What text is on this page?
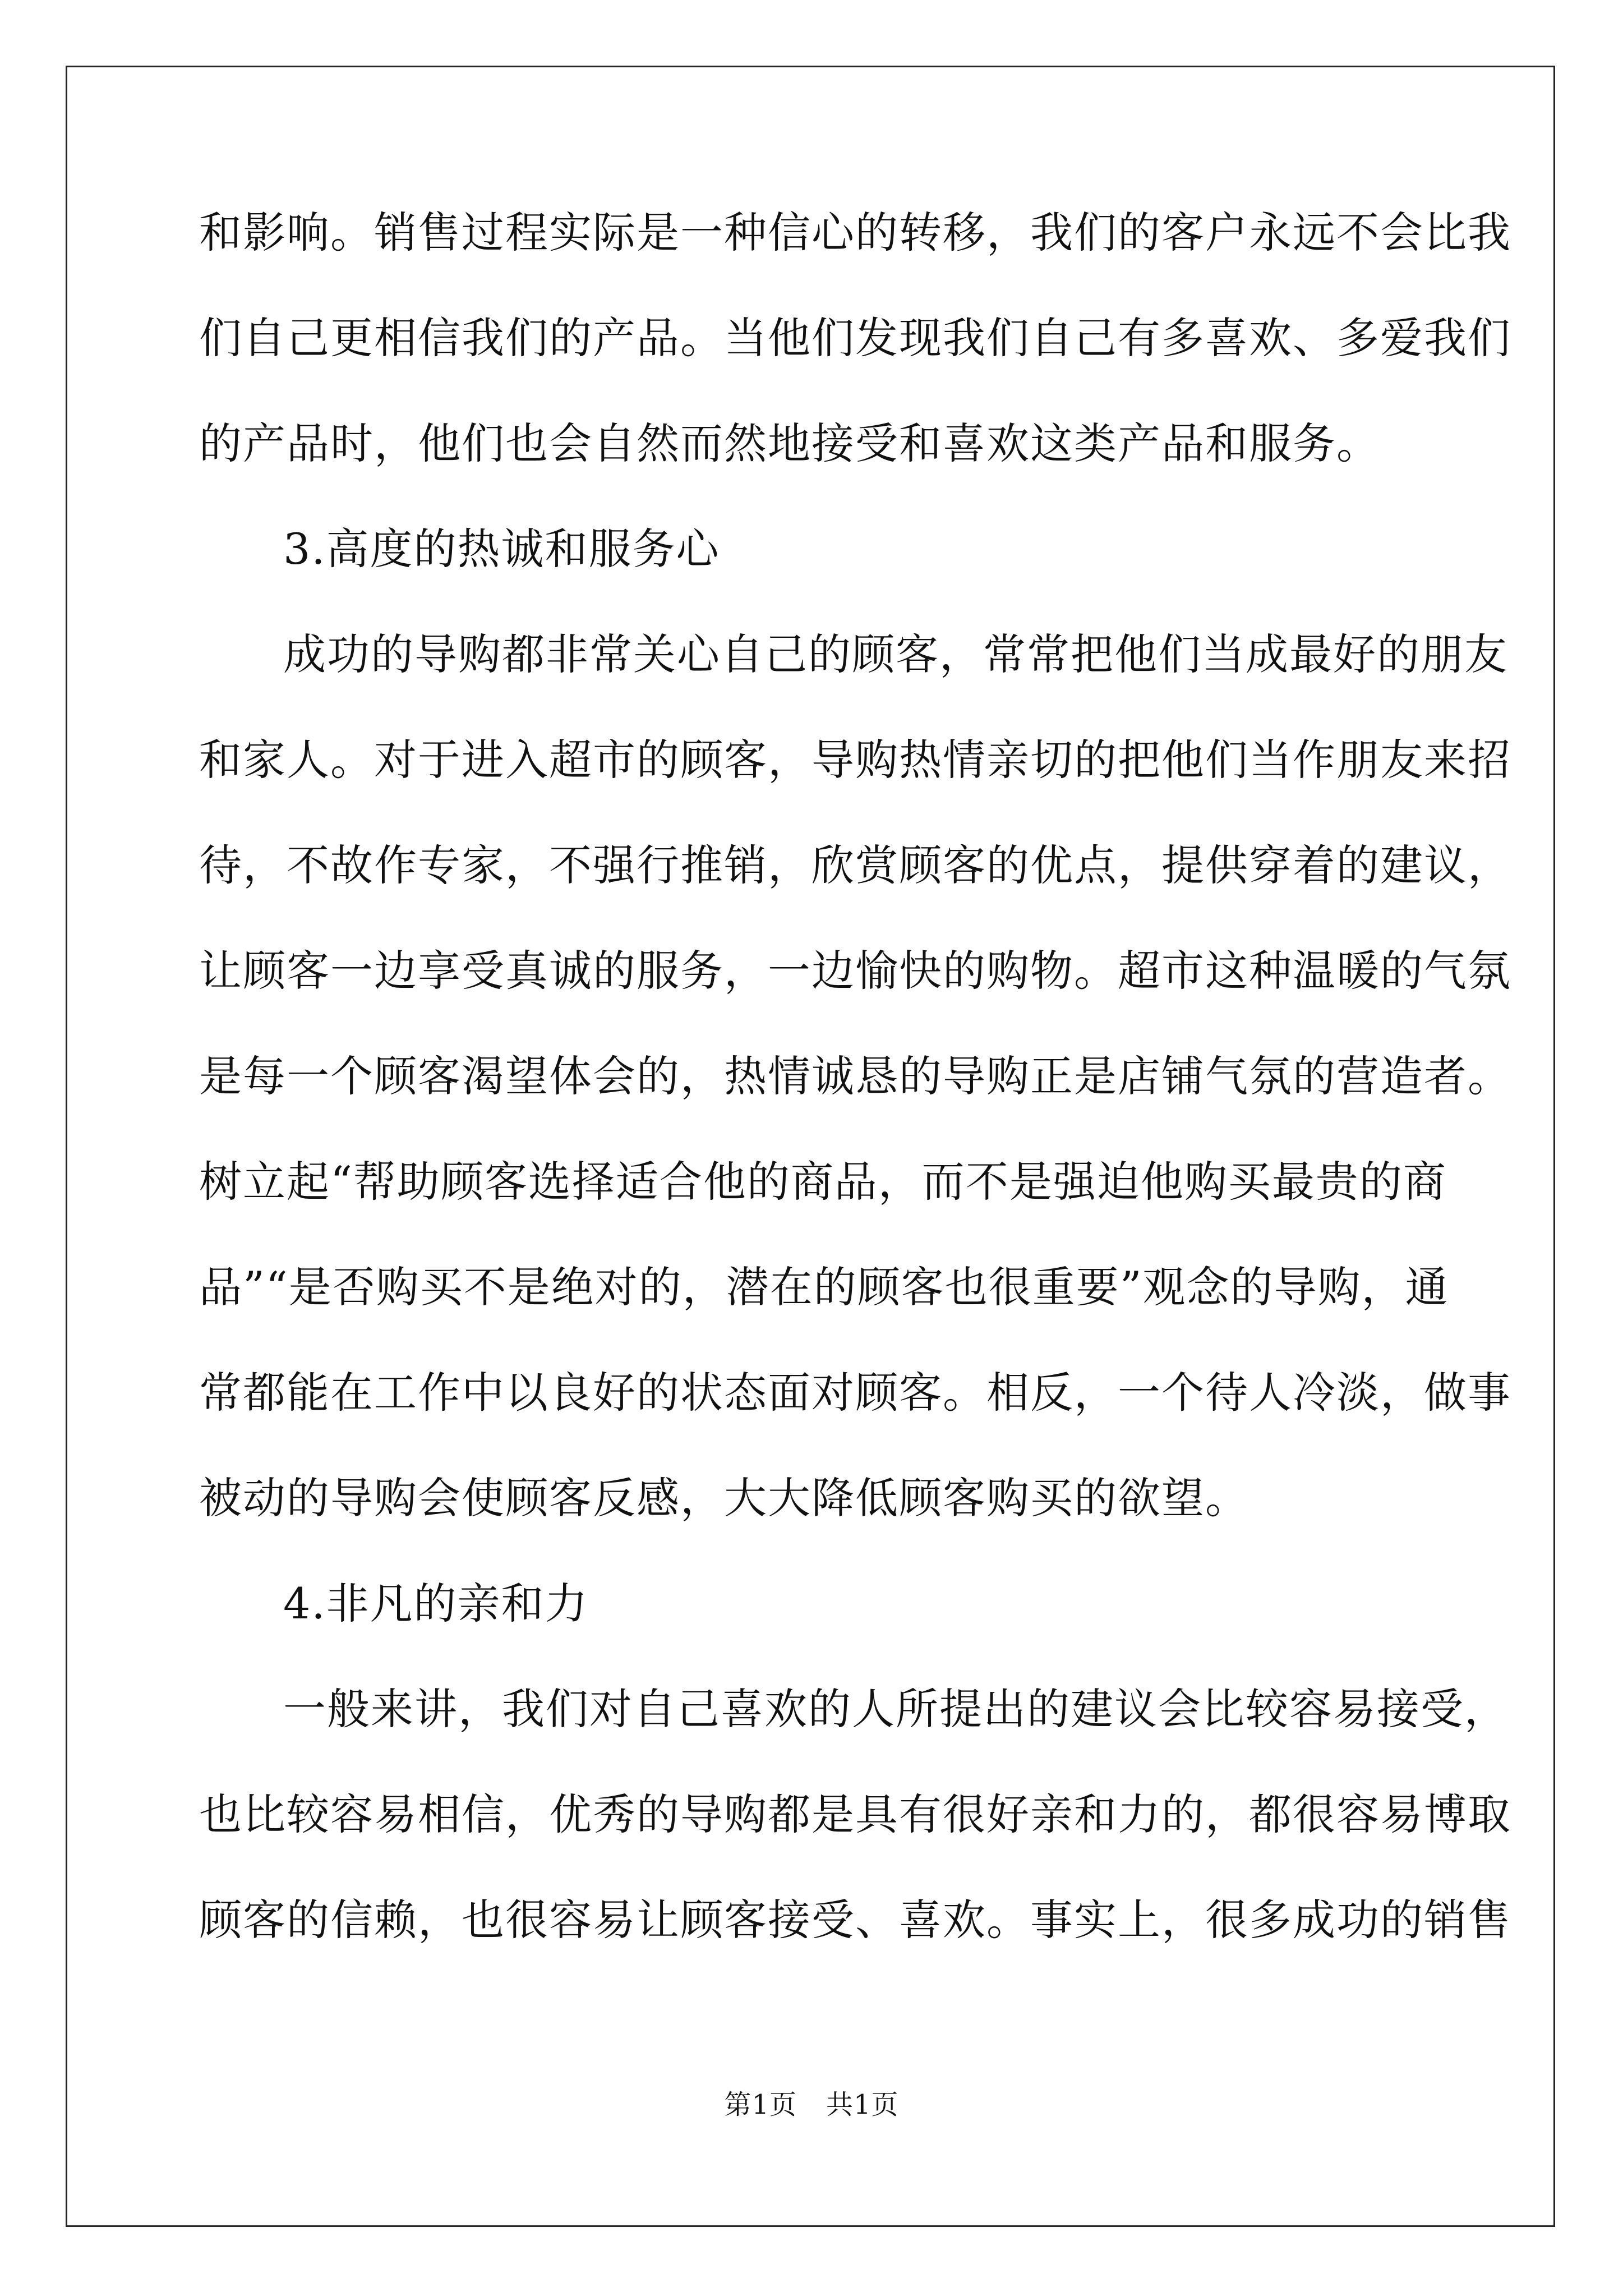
和影响。销售过程实际是一种信心的转移，我们的客户永远不会比我
们自己更相信我们的产品。当他们发现我们自己有多喜欢、多爱我们
的产品时，他们也会自然而然地接受和喜欢这类产品和服务。
3.高度的热诚和服务心
成功的导购都非常关心自己的顾客，常常把他们当成最好的朋友
和家人。对于进入超市的顾客，导购热情亲切的把他们当作朋友来招
待，不故作专家，不强行推销，欣赏顾客的优点，提供穿着的建议，
让顾客一边享受真诚的服务，一边愉快的购物。超市这种温暖的气氛
是每一个顾客渴望体会的，热情诚恳的导购正是店铺气氛的营造者。
树立起“帮助顾客选择适合他的商品，而不是强迫他购买最贵的商
品”“是否购买不是绝对的，潜在的顾客也很重要”观念的导购，通
常都能在工作中以良好的状态面对顾客。相反，一个待人冷淡，做事
被动的导购会使顾客反感，大大降低顾客购买的欲望。
4.非凡的亲和力
一般来讲，我们对自己喜欢的人所提出的建议会比较容易接受，
也比较容易相信，优秀的导购都是具有很好亲和力的，都很容易博取
顾客的信赖，也很容易让顾客接受、喜欢。事实上，很多成功的销售
第1页 共1页
